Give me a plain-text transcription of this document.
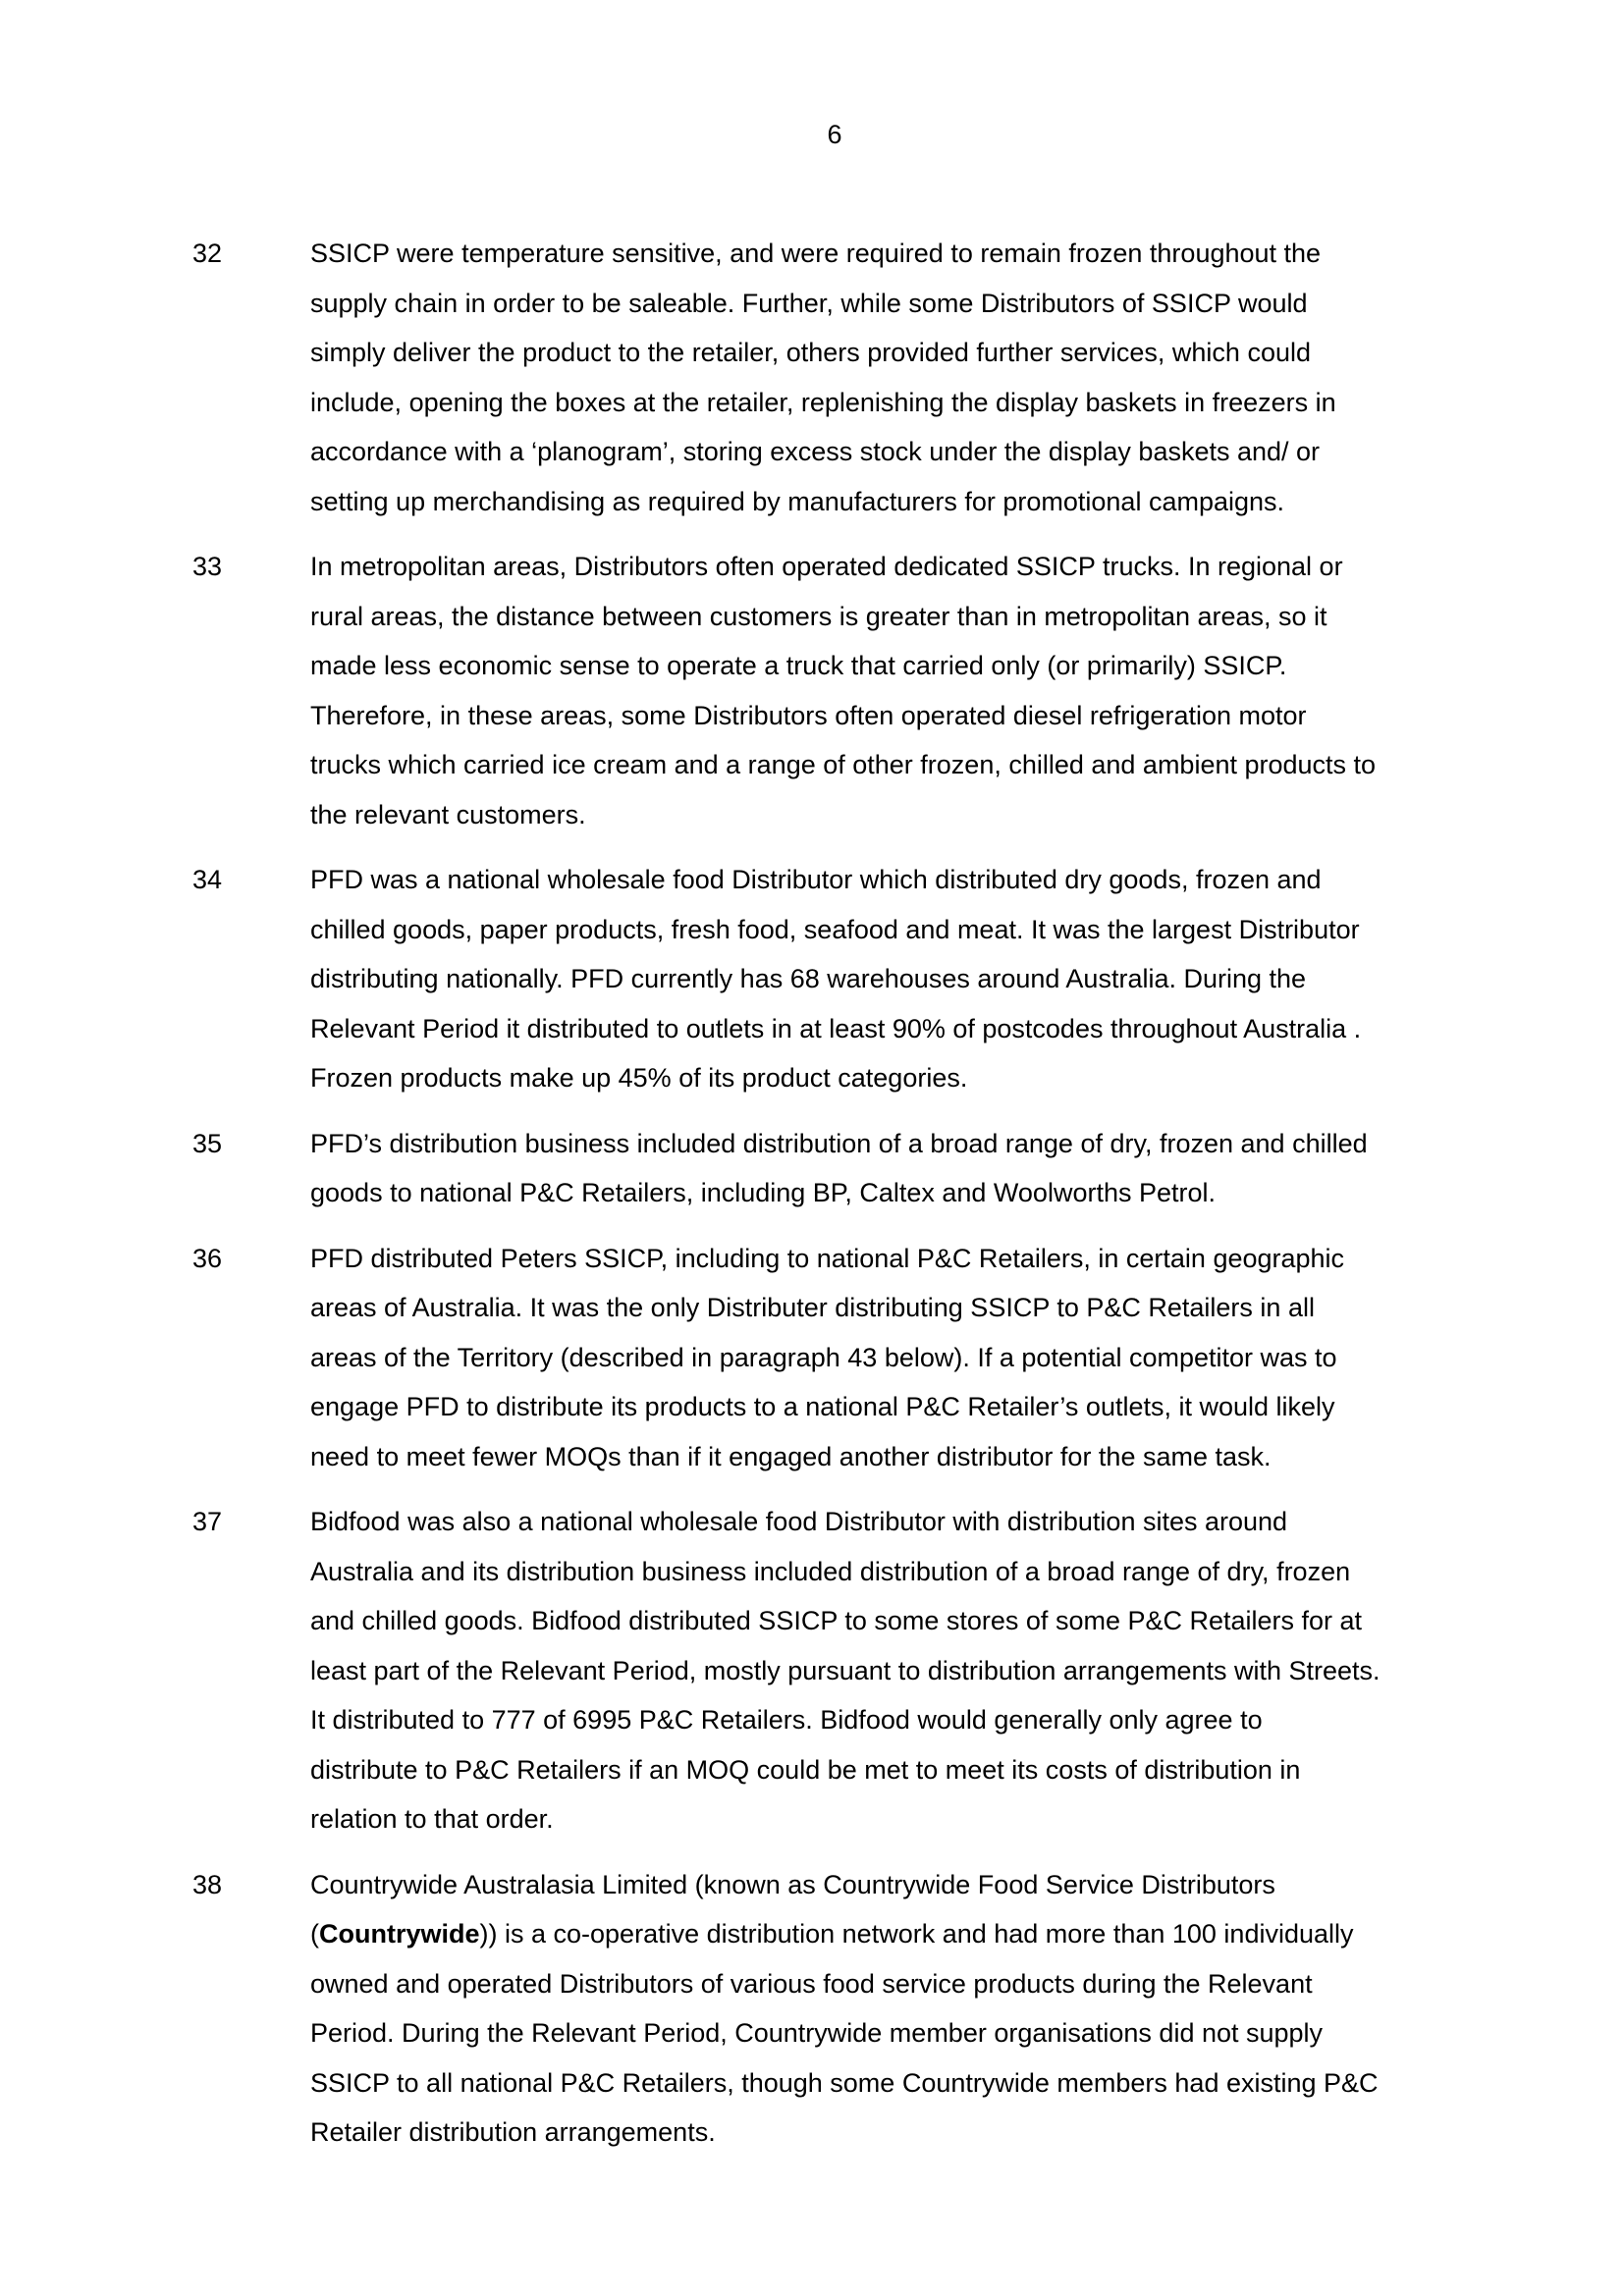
6
32	SSICP were temperature sensitive, and were required to remain frozen throughout the
supply chain in order to be saleable. Further, while some Distributors of SSICP would
simply deliver the product to the retailer, others provided further services, which could
include, opening the boxes at the retailer, replenishing the display baskets in freezers in
accordance with a ‘planogram’, storing excess stock under the display baskets and/ or
setting up merchandising as required by manufacturers for promotional campaigns.
33	In metropolitan areas, Distributors often operated dedicated SSICP trucks. In regional or
rural areas, the distance between customers is greater than in metropolitan areas, so it
made less economic sense to operate a truck that carried only (or primarily) SSICP.
Therefore, in these areas, some Distributors often operated diesel refrigeration motor
trucks which carried ice cream and a range of other frozen, chilled and ambient products to
the relevant customers.
34	PFD was a national wholesale food Distributor which distributed dry goods, frozen and
chilled goods, paper products, fresh food, seafood and meat. It was the largest Distributor
distributing nationally. PFD currently has 68 warehouses around Australia. During the
Relevant Period it distributed to outlets in at least 90% of postcodes throughout Australia .
Frozen products make up 45% of its product categories.
35	PFD’s distribution business included distribution of a broad range of dry, frozen and chilled
goods to national P&C Retailers, including BP, Caltex and Woolworths Petrol.
36	PFD distributed Peters SSICP, including to national P&C Retailers, in certain geographic
areas of Australia. It was the only Distributer distributing SSICP to P&C Retailers in all
areas of the Territory (described in paragraph 43 below). If a potential competitor was to
engage PFD to distribute its products to a national P&C Retailer’s outlets, it would likely
need to meet fewer MOQs than if it engaged another distributor for the same task.
37	Bidfood was also a national wholesale food Distributor with distribution sites around
Australia and its distribution business included distribution of a broad range of dry, frozen
and chilled goods. Bidfood distributed SSICP to some stores of some P&C Retailers for at
least part of the Relevant Period, mostly pursuant to distribution arrangements with Streets.
It distributed to 777 of 6995 P&C Retailers. Bidfood would generally only agree to
distribute to P&C Retailers if an MOQ could be met to meet its costs of distribution in
relation to that order.
38	Countrywide Australasia Limited (known as Countrywide Food Service Distributors
(Countrywide)) is a co-operative distribution network and had more than 100 individually
owned and operated Distributors of various food service products during the Relevant
Period. During the Relevant Period, Countrywide member organisations did not supply
SSICP to all national P&C Retailers, though some Countrywide members had existing P&C
Retailer distribution arrangements.
